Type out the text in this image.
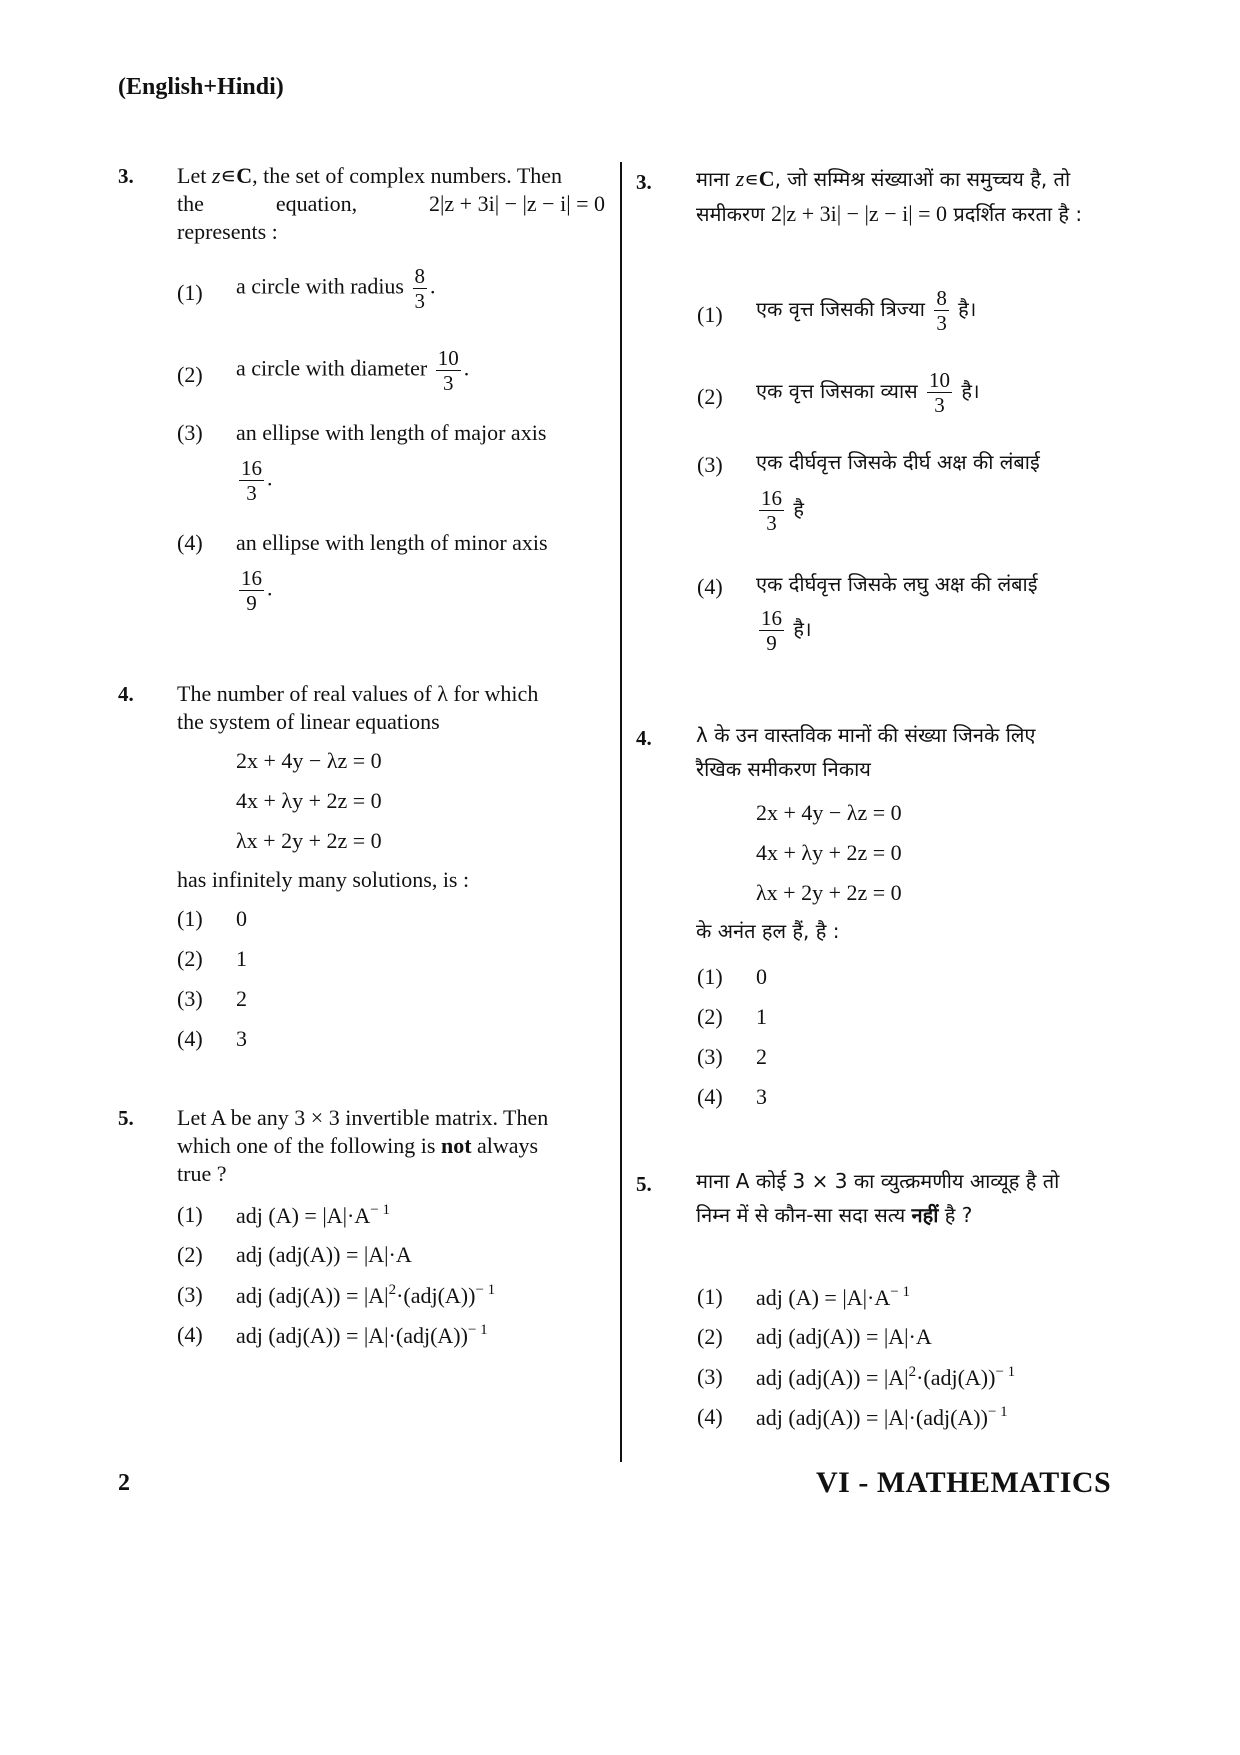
(English+Hindi)
2	VI - MATHEMATICS
3. Let z∊C, the set of complex numbers. Then
the	equation,	2|z + 3i| − |z − i| = 0
represents :
(1) a circle with radius $\frac{8}{3}$ .
(2) a circle with diameter $\frac{10}{3}$ .
(3) an ellipse with length of major axis
$\frac{16}{3}$ .
(4) an ellipse with length of minor axis
$\frac{16}{9}$ .
4. The number of real values of λ for which
the system of linear equations
2x + 4y − λz = 0
4x + λy + 2z = 0
λx + 2y + 2z = 0
has infinitely many solutions, is :
(1) 0
(2) 1
(3) 2
(4) 3
5. Let A be any 3 × 3 invertible matrix. Then
which one of the following is not always
true ?
(1) adj $(A) = |A|\cdot A^{- 1}$
(2) adj (adj(A)) = |A|·A
(3) adj $(adj(A)) = |A|^2\cdot(adj(A))^{- 1}$
(4) adj $(adj(A)) = |A|\cdot(adj(A))^{- 1}$
3. माना z∊C, जो सम्मिश्र संख्याओं का समुच्चय है, तो
समीकरण 2|z + 3i| − |z − i| = 0 प्रदर्शित करता है :
(1) एक वृत्त जिसकी त्रिज्या $\frac{8}{3}$ है।
(2) एक वृत्त जिसका व्यास $\frac{10}{3}$ है।
(3) एक दीर्घवृत्त जिसके दीर्घ अक्ष की लंबाई
$\frac{16}{3}$ है
(4) एक दीर्घवृत्त जिसके लघु अक्ष की लंबाई
$\frac{16}{9}$ है।
4. λ के उन वास्तविक मानों की संख्या जिनके लिए
रैखिक समीकरण निकाय
2x + 4y − λz = 0
4x + λy + 2z = 0
λx + 2y + 2z = 0
के अनंत हल हैं, है :
(1) 0
(2) 1
(3) 2
(4) 3
5. माना A कोई 3 × 3 का व्युत्क्रमणीय आव्यूह है तो
निम्न में से कौन-सा सदा सत्य नहीं है ?
(1) adj $(A) = |A|\cdot A^{- 1}$
(2) adj (adj(A)) = |A|·A
(3) adj $(adj(A)) = |A|^2\cdot(adj(A))^{- 1}$
(4) adj $(adj(A)) = |A|\cdot(adj(A))^{- 1}$
